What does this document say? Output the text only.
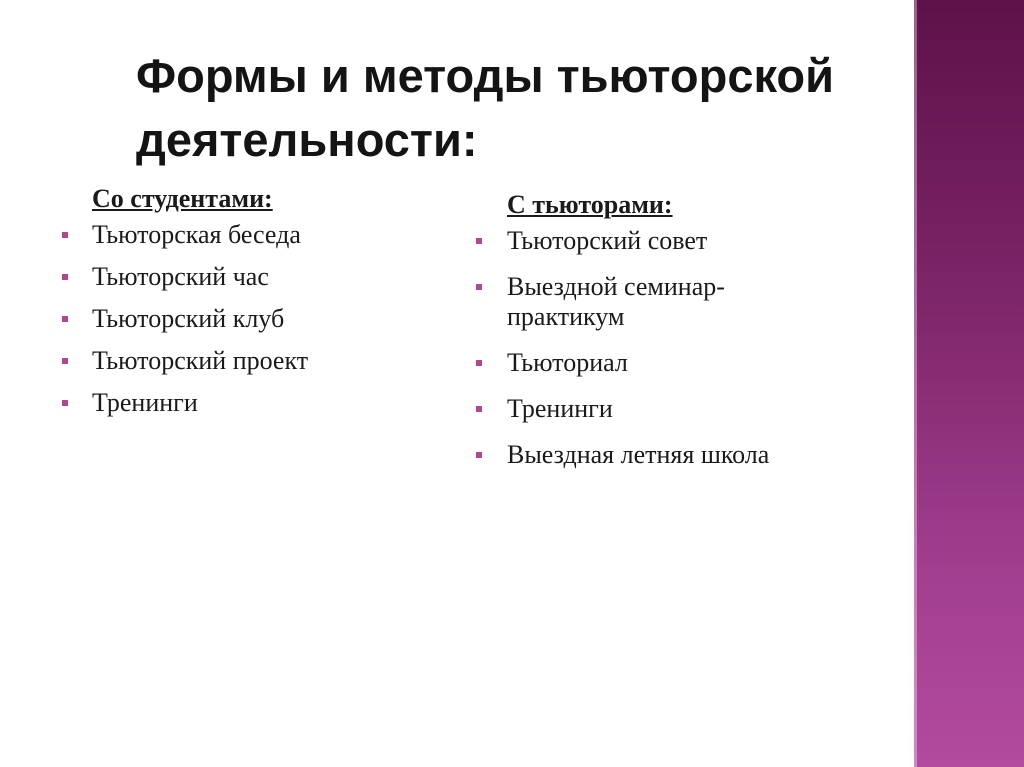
Формы и методы тьюторской деятельности:

Со студентами:

Тьюторская беседа
Тьюторский час
Тьюторский клуб
Тьюторский проект
Тренинги

С тьюторами:

Тьюторский совет
Выездной семинар-практикум
Тьюториал
Тренинги
Выездная летняя школа
